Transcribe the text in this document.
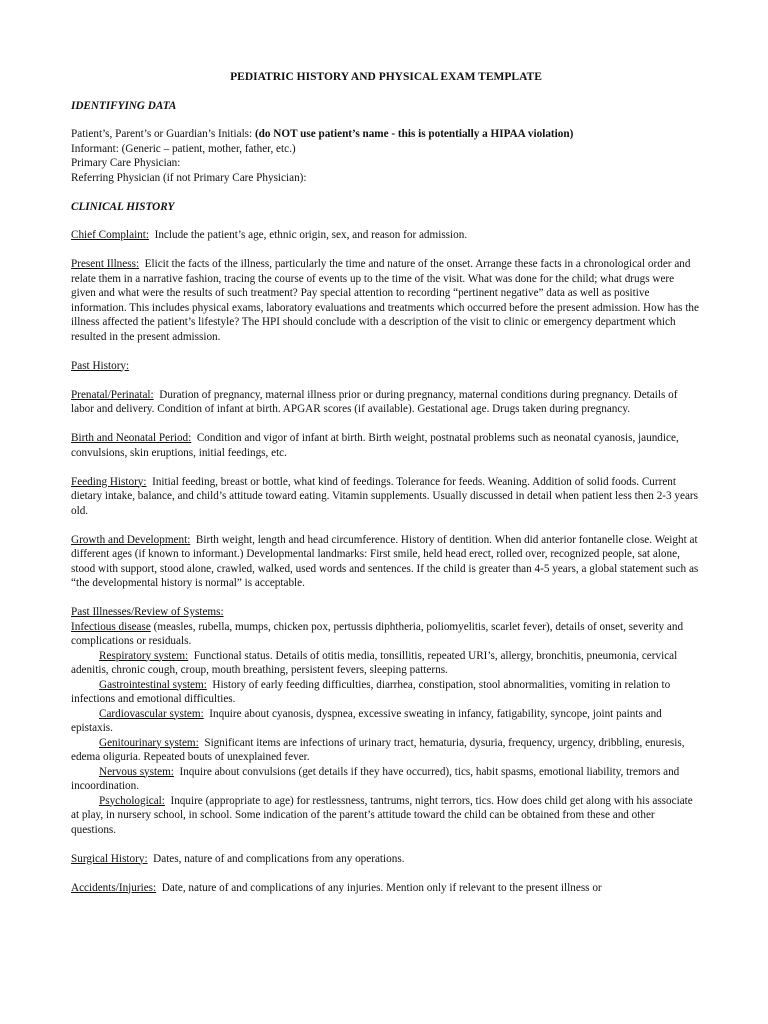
PEDIATRIC HISTORY AND PHYSICAL EXAM TEMPLATE
IDENTIFYING DATA

Patient’s, Parent’s or Guardian’s Initials: (do NOT use patient’s name - this is potentially a HIPAA violation)
Informant: (Generic – patient, mother, father, etc.)
Primary Care Physician:
Referring Physician (if not Primary Care Physician):

CLINICAL HISTORY

Chief Complaint: Include the patient’s age, ethnic origin, sex, and reason for admission.

Present Illness: Elicit the facts of the illness, particularly the time and nature of the onset. Arrange these facts in a chronological order and relate them in a narrative fashion, tracing the course of events up to the time of the visit. What was done for the child; what drugs were given and what were the results of such treatment? Pay special attention to recording “pertinent negative” data as well as positive information. This includes physical exams, laboratory evaluations and treatments which occurred before the present admission. How has the illness affected the patient’s lifestyle? The HPI should conclude with a description of the visit to clinic or emergency department which resulted in the present admission.

Past History:

Prenatal/Perinatal: Duration of pregnancy, maternal illness prior or during pregnancy, maternal conditions during pregnancy. Details of labor and delivery. Condition of infant at birth. APGAR scores (if available). Gestational age. Drugs taken during pregnancy.

Birth and Neonatal Period: Condition and vigor of infant at birth. Birth weight, postnatal problems such as neonatal cyanosis, jaundice, convulsions, skin eruptions, initial feedings, etc.

Feeding History: Initial feeding, breast or bottle, what kind of feedings. Tolerance for feeds. Weaning. Addition of solid foods. Current dietary intake, balance, and child’s attitude toward eating. Vitamin supplements. Usually discussed in detail when patient less then 2-3 years old.

Growth and Development: Birth weight, length and head circumference. History of dentition. When did anterior fontanelle close. Weight at different ages (if known to informant.) Developmental landmarks: First smile, held head erect, rolled over, recognized people, sat alone, stood with support, stood alone, crawled, walked, used words and sentences. If the child is greater than 4-5 years, a global statement such as “the developmental history is normal” is acceptable.

Past Illnesses/Review of Systems:
Infectious disease (measles, rubella, mumps, chicken pox, pertussis diphtheria, poliomyelitis, scarlet fever), details of onset, severity and complications or residuals.
Respiratory system: Functional status. Details of otitis media, tonsillitis, repeated URI’s, allergy, bronchitis, pneumonia, cervical adenitis, chronic cough, croup, mouth breathing, persistent fevers, sleeping patterns.
Gastrointestinal system: History of early feeding difficulties, diarrhea, constipation, stool abnormalities, vomiting in relation to infections and emotional difficulties.
Cardiovascular system: Inquire about cyanosis, dyspnea, excessive sweating in infancy, fatigability, syncope, joint paints and epistaxis.
Genitourinary system: Significant items are infections of urinary tract, hematuria, dysuria, frequency, urgency, dribbling, enuresis, edema oliguria. Repeated bouts of unexplained fever.
Nervous system: Inquire about convulsions (get details if they have occurred), tics, habit spasms, emotional liability, tremors and incoordination.
Psychological: Inquire (appropriate to age) for restlessness, tantrums, night terrors, tics. How does child get along with his associate at play, in nursery school, in school. Some indication of the parent’s attitude toward the child can be obtained from these and other questions.

Surgical History: Dates, nature of and complications from any operations.

Accidents/Injuries: Date, nature of and complications of any injuries. Mention only if relevant to the present illness or
